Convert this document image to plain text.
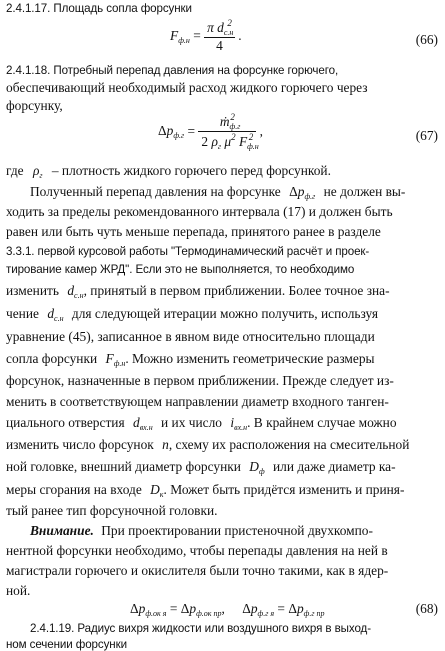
2.4.1.17. Площадь сопла форсунки
$F_{ф.н} = \frac{\pi d_{с.н}^2}{4}$ .	(66)
2.4.1.18. Потребный перепад давления на форсунке горючего,
обеспечивающий необходимый расход жидкого горючего через
форсунку,
$\Delta p_{ф.г} = \frac{ṁ_{ф.г}^2}{2 \rho_г \mu^2 F_{ф.н}^2}$ ,	(67)
где $\rho_г$ – плотность жидкого горючего перед форсункой.
Полученный перепад давления на форсунке $\Delta p_{ф.г}$ не должен вы-
ходить за пределы рекомендованного интервала (17) и должен быть
равен или быть чуть меньше перепада, принятого ранее в разделе
3.3.1. первой курсовой работы "Термодинамический расчёт и проек-
тирование камер ЖРД". Если это не выполняется, то необходимо
изменить $d_{с.н}$, принятый в первом приближении. Более точное зна-
чение $d_{с.н}$ для следующей итерации можно получить, используя
уравнение (45), записанное в явном виде относительно площади
сопла форсунки $F_{ф.н}$. Можно изменить геометрические размеры
форсунок, назначенные в первом приближении. Прежде следует из-
менить в соответствующем направлении диаметр входного танген-
циального отверстия $d_{вх.н}$ и их число $i_{вх.н}$. В крайнем случае можно
изменить число форсунок n, схему их расположения на смесительной
ной головке, внешний диаметр форсунки $D_ф$ или даже диаметр ка-
меры сгорания на входе $D_к$. Может быть придётся изменить и приня-
тый ранее тип форсуночной головки.
Внимание. При проектировании пристеночной двухкомпо-
нентной форсунки необходимо, чтобы перепады давления на ней в
магистрали горючего и окислителя были точно такими, как в ядер-
ной.
$\Delta p_{ф.ок я} = \Delta p_{ф.ок пр}$, $\Delta p_{ф.г я} = \Delta p_{ф.г пр}$	(68)
2.4.1.19. Радиус вихря жидкости или воздушного вихря в выход-
ном сечении форсунки
